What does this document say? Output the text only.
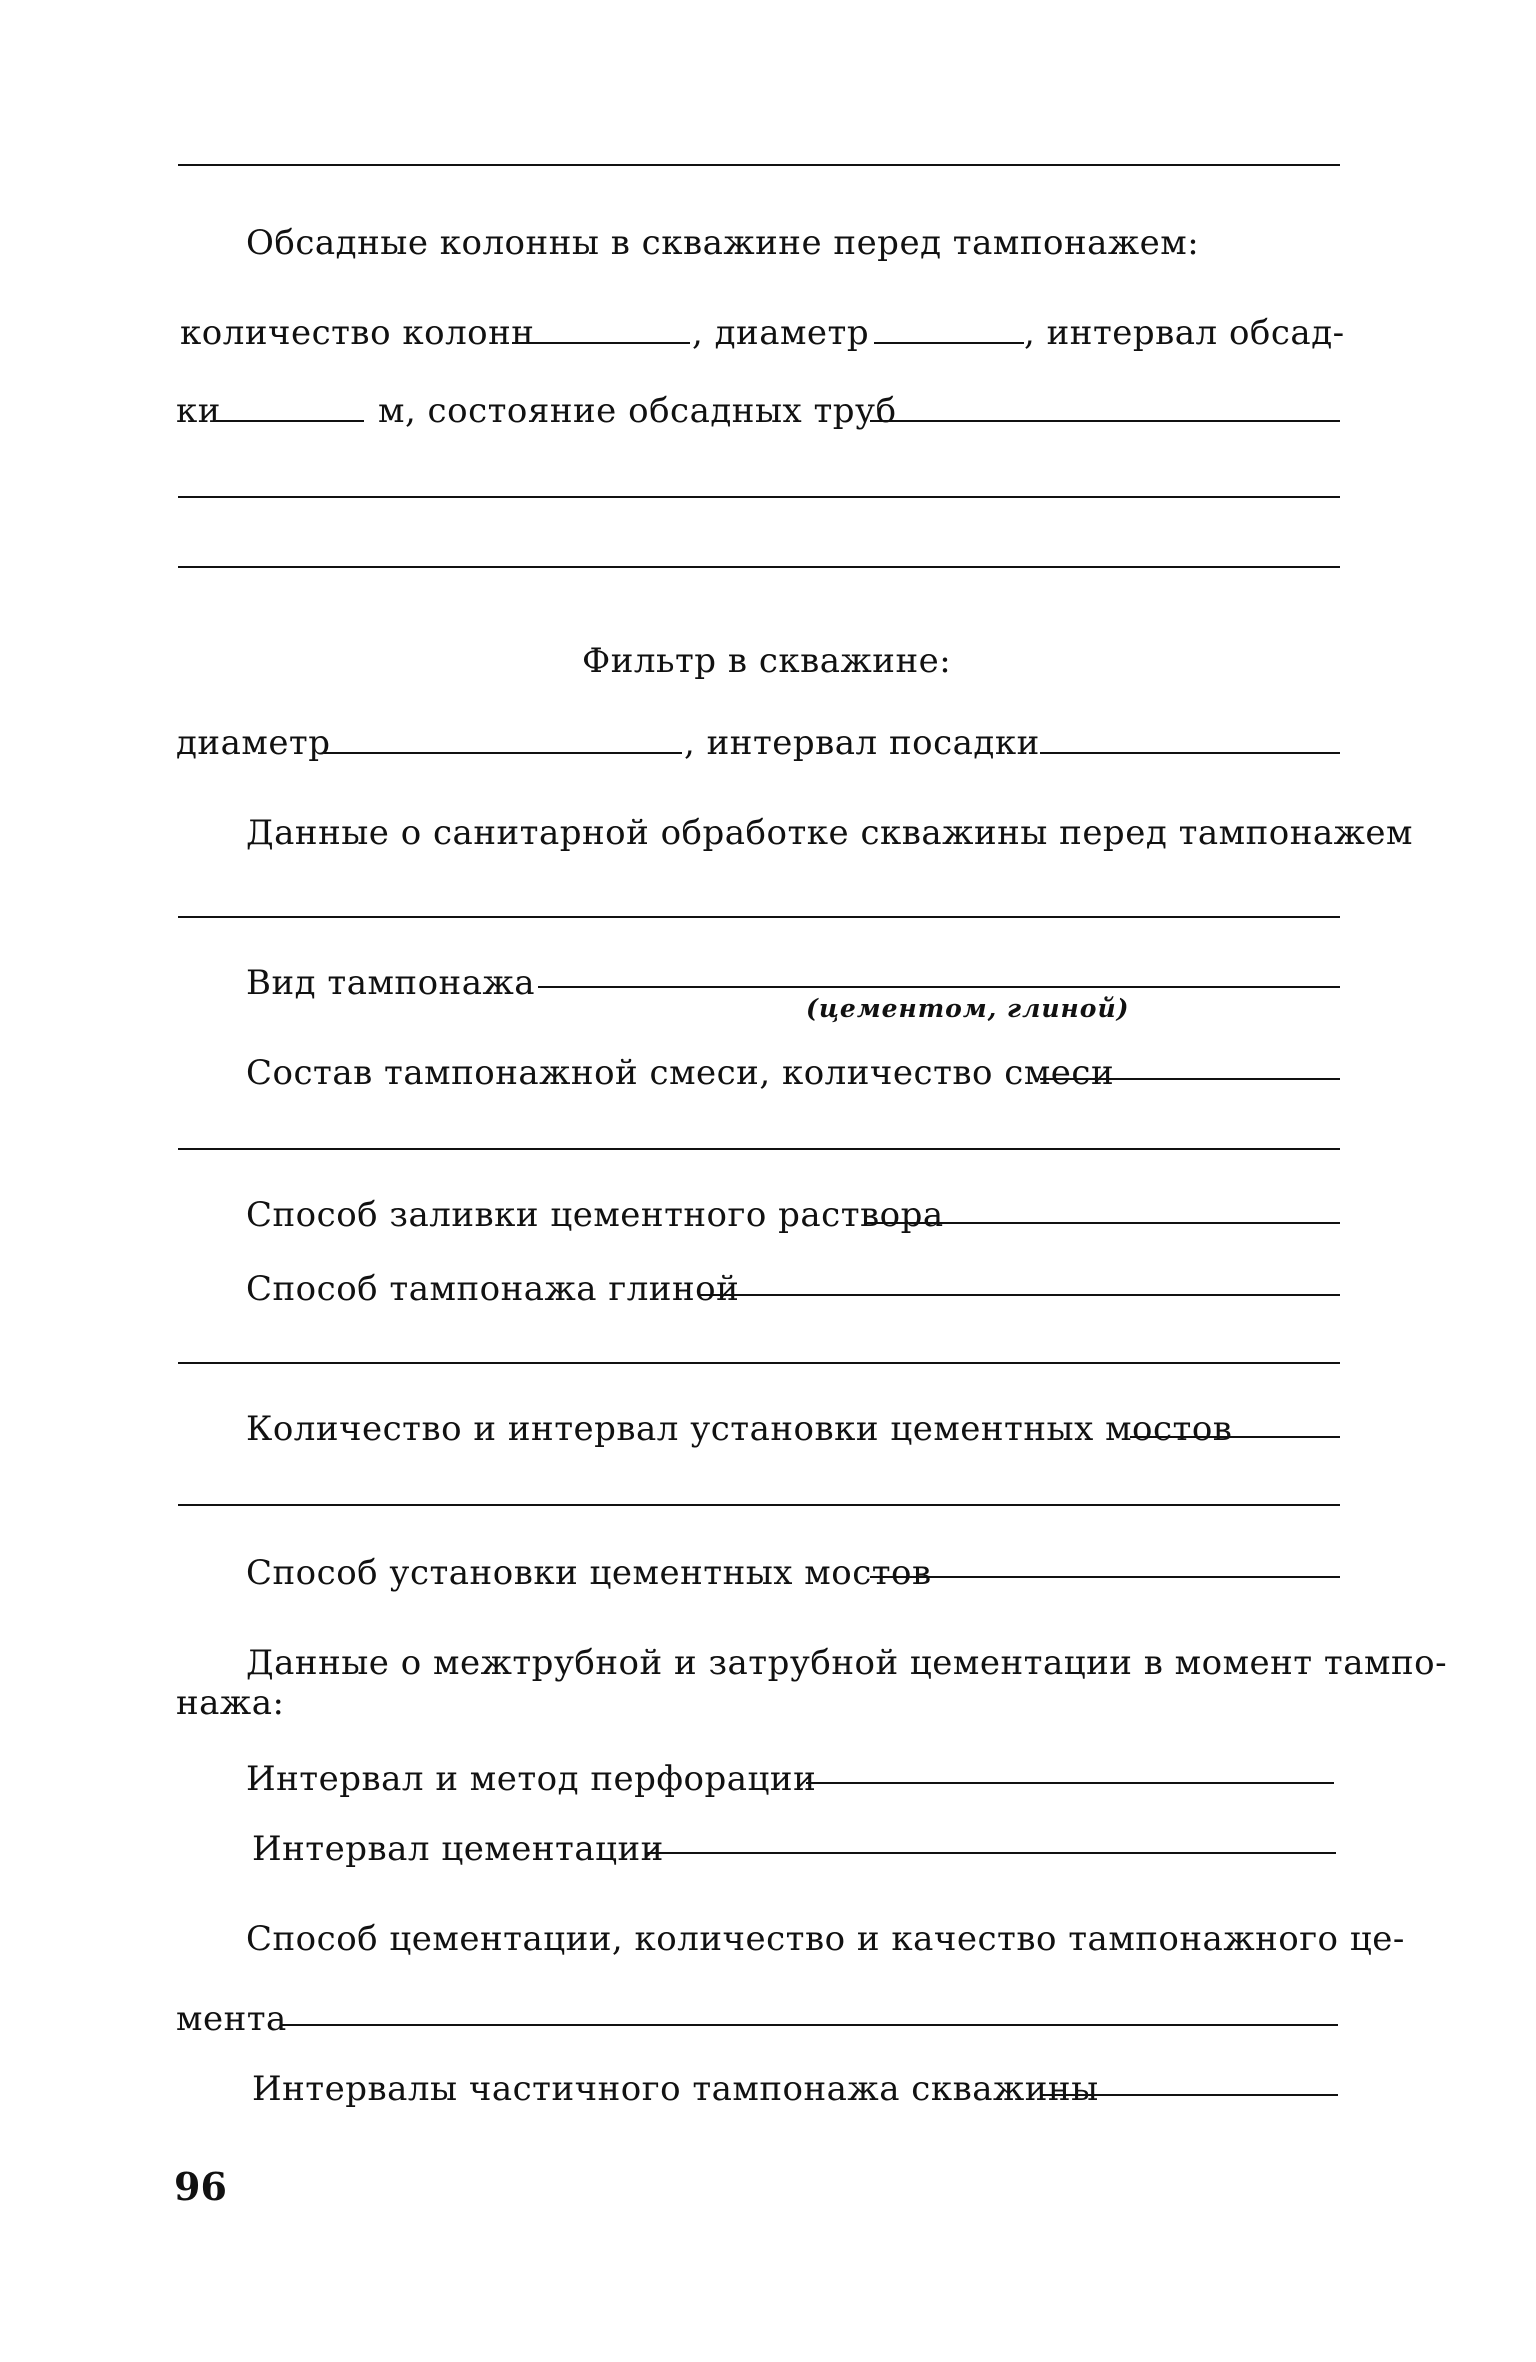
Обсадные колонны в скважине перед тампонажем:
количество колонн	, диаметр	, интервал обсад-
ки	м, состояние обсадных труб
Фильтр в скважине:
диаметр	, интервал посадки
Данные о санитарной обработке скважины перед тампонажем
Вид тампонажа
(цементом, глиной)
Состав тампонажной смеси, количество смеси
Способ заливки цементного раствора
Способ тампонажа глиной
Количество и интервал установки цементных мостов
Способ установки цементных мостов
Данные о межтрубной и затрубной цементации в момент тампо-
нажа:
Интервал и метод перфорации
Интервал цементации
Способ цементации, количество и качество тампонажного це-
мента
Интервалы частичного тампонажа скважины
96
